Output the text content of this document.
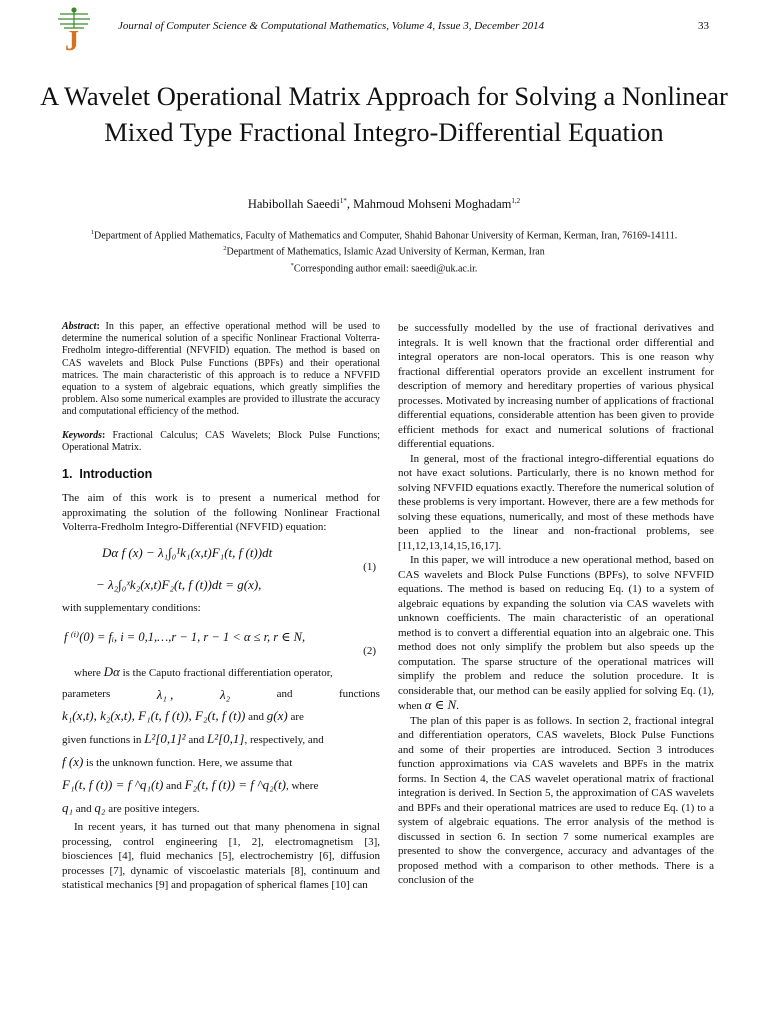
J	Journal of Computer Science & Computational Mathematics, Volume 4, Issue 3, December 2014	33
A Wavelet Operational Matrix Approach for Solving a Nonlinear Mixed Type Fractional Integro-Differential Equation
Habibollah Saeedi$^{1*}$, Mahmoud Mohseni Moghadam$^{1,2}$
$^1$Department of Applied Mathematics, Faculty of Mathematics and Computer, Shahid Bahonar University of Kerman, Kerman, Iran, 76169-14111.
$^2$Department of Mathematics, Islamic Azad University of Kerman, Kerman, Iran
*Corresponding author email: saeedi@uk.ac.ir.

Abstract: In this paper, an effective operational method will be used to determine the numerical solution of a specific Nonlinear Fractional Volterra-Fredholm integro-differential (NFVFID) equation. The method is based on CAS wavelets and Block Pulse Functions (BPFs) and their operational matrices. The main characteristic of this approach is to reduce a NFVFID equation to a system of algebraic equations, which greatly simplifies the problem. Also some numerical examples are provided to illustrate the accuracy and computational efficiency of the method.

Keywords: Fractional Calculus; CAS Wavelets; Block Pulse Functions; Operational Matrix.

1. Introduction

The aim of this work is to present a numerical method for approximating the solution of the following Nonlinear Fractional Volterra-Fredholm Integro-Differential (NFVFID) equation:

Dα f (x) − λ₁∫₀¹k₁(x,t)F₁(t, f (t))dt
− λ₂∫₀ˣk₂(x,t)F₂(t, f (t))dt = g(x),
(1)

with supplementary conditions:

f ⁽ⁱ⁾(0) = fᵢ, i = 0,1,…,r − 1, r − 1 < α ≤ r, r ∈ N,
(2)

where Dα is the Caputo fractional differentiation operator,

parameters	λ₁ ,	λ₂	and	functions

k₁(x,t), k₂(x,t), F₁(t, f (t)), F₂(t, f (t)) and g(x) are

given functions in L²[0,1]² and L²[0,1], respectively, and

f (x) is the unknown function. Here, we assume that

F₁(t, f (t)) = f ^q₁(t) and F₂(t, f (t)) = f ^q₂(t), where

q₁ and q₂ are positive integers.

In recent years, it has turned out that many phenomena in signal processing, control engineering [1, 2], electromagnetism [3], biosciences [4], fluid mechanics [5], electrochemistry [6], diffusion processes [7], dynamic of viscoelastic materials [8], continuum and statistical mechanics [9] and propagation of spherical flames [10] can

be successfully modelled by the use of fractional derivatives and integrals. It is well known that the fractional order differential and integral operators are non-local operators. This is one reason why fractional differential operators provide an excellent instrument for description of memory and hereditary properties of various physical processes. Motivated by increasing number of applications of fractional differential equations, considerable attention has been given to provide efficient methods for exact and numerical solutions of fractional differential equations.

In general, most of the fractional integro-differential equations do not have exact solutions. Particularly, there is no known method for solving NFVFID equations exactly. Therefore the numerical solution of these problems is very important. However, there are a few methods for solving these equations, numerically, and most of these methods have been applied to the linear and non-fractional problems, see [11,12,13,14,15,16,17].

In this paper, we will introduce a new operational method, based on CAS wavelets and Block Pulse Functions (BPFs), to solve NFVFID equations. The method is based on reducing Eq. (1) to a system of algebraic equations by expanding the solution via CAS wavelets with unknown coefficients. The main characteristic of an operational method is to convert a differential equation into an algebraic one. This method does not only simplify the problem but also speeds up the computation. The sparse structure of the operational matrices will simplify the problem and reduce the solution procedure. It is considerable that, our method can be easily applied for solving Eq. (1), when α ∈ N.

The plan of this paper is as follows. In section 2, fractional integral and differentiation operators, CAS wavelets, Block Pulse Functions and some of their properties are introduced. Section 3 introduces function approximations via CAS wavelets and BPFs in the matrix forms. In Section 4, the CAS wavelet operational matrix of fractional integration is derived. In Section 5, the approximation of CAS wavelets and BPFs and their operational matrices are used to reduce Eq. (1) to a system of algebraic equations. The error analysis of the method is discussed in section 6. In section 7 some numerical examples are presented to show the convergence, accuracy and advantages of the proposed method with a comparison to other methods. There is a conclusion of the
